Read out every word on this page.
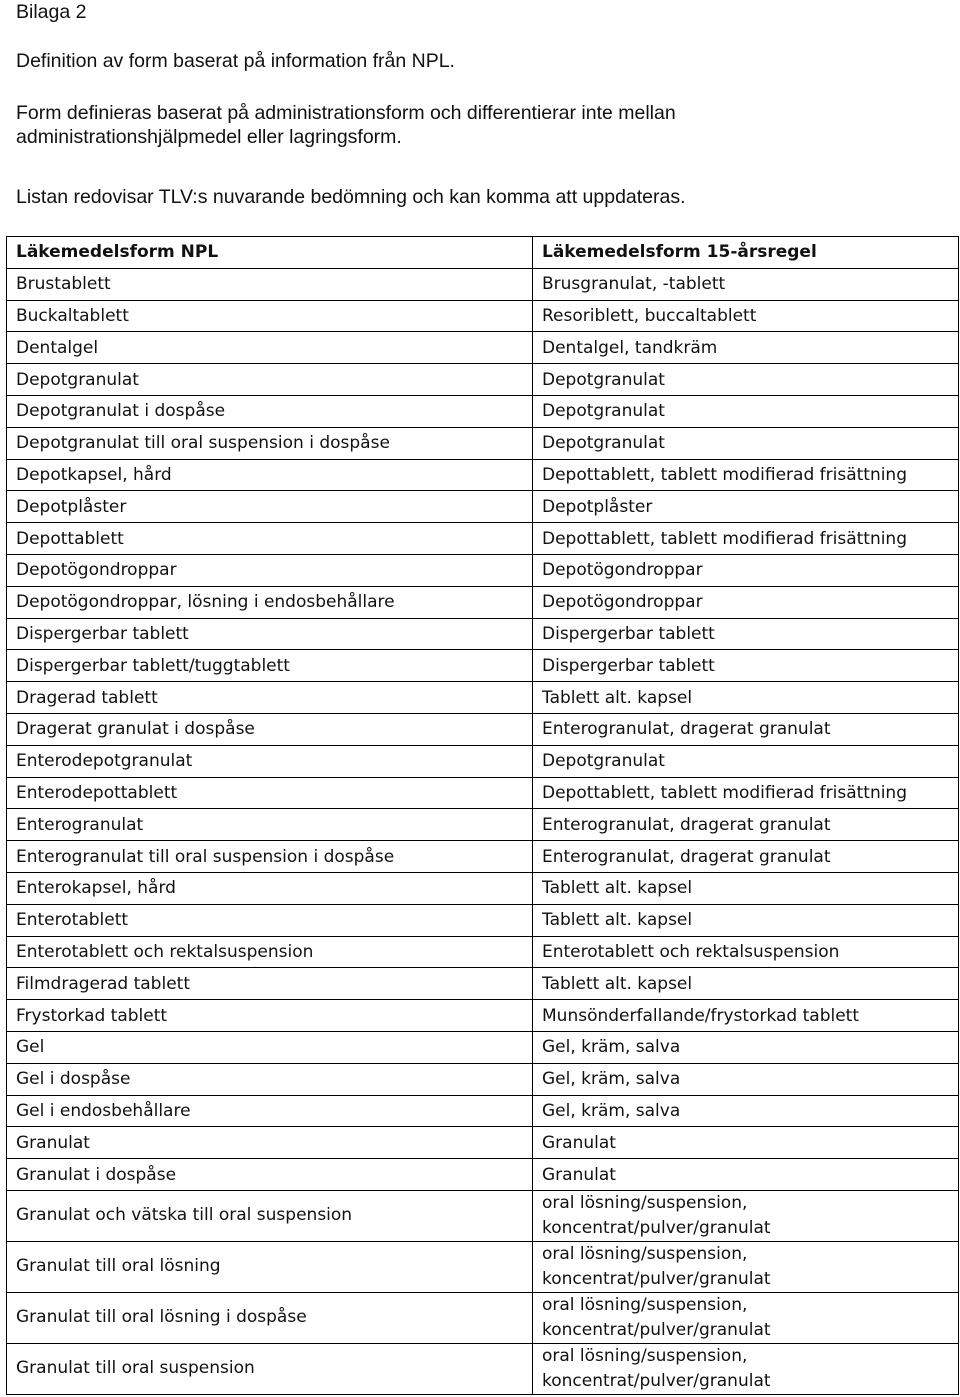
Bilaga 2
Definition av form baserat på information från NPL.
Form definieras baserat på administrationsform och differentierar inte mellan
administrationshjälpmedel eller lagringsform.
Listan redovisar TLV:s nuvarande bedömning och kan komma att uppdateras.
Läkemedelsform NPL	Läkemedelsform 15-årsregel
Brustablett	Brusgranulat, -tablett
Buckaltablett	Resoriblett, buccaltablett
Dentalgel	Dentalgel, tandkräm
Depotgranulat	Depotgranulat
Depotgranulat i dospåse	Depotgranulat
Depotgranulat till oral suspension i dospåse	Depotgranulat
Depotkapsel, hård	Depottablett, tablett modifierad frisättning
Depotplåster	Depotplåster
Depottablett	Depottablett, tablett modifierad frisättning
Depotögondroppar	Depotögondroppar
Depotögondroppar, lösning i endosbehållare	Depotögondroppar
Dispergerbar tablett	Dispergerbar tablett
Dispergerbar tablett/tuggtablett	Dispergerbar tablett
Dragerad tablett	Tablett alt. kapsel
Dragerat granulat i dospåse	Enterogranulat, dragerat granulat
Enterodepotgranulat	Depotgranulat
Enterodepottablett	Depottablett, tablett modifierad frisättning
Enterogranulat	Enterogranulat, dragerat granulat
Enterogranulat till oral suspension i dospåse	Enterogranulat, dragerat granulat
Enterokapsel, hård	Tablett alt. kapsel
Enterotablett	Tablett alt. kapsel
Enterotablett och rektalsuspension	Enterotablett och rektalsuspension
Filmdragerad tablett	Tablett alt. kapsel
Frystorkad tablett	Munsönderfallande/frystorkad tablett
Gel	Gel, kräm, salva
Gel i dospåse	Gel, kräm, salva
Gel i endosbehållare	Gel, kräm, salva
Granulat	Granulat
Granulat i dospåse	Granulat
Granulat och vätska till oral suspension	oral lösning/suspension, koncentrat/pulver/granulat
Granulat till oral lösning	oral lösning/suspension, koncentrat/pulver/granulat
Granulat till oral lösning i dospåse	oral lösning/suspension, koncentrat/pulver/granulat
Granulat till oral suspension	oral lösning/suspension, koncentrat/pulver/granulat
